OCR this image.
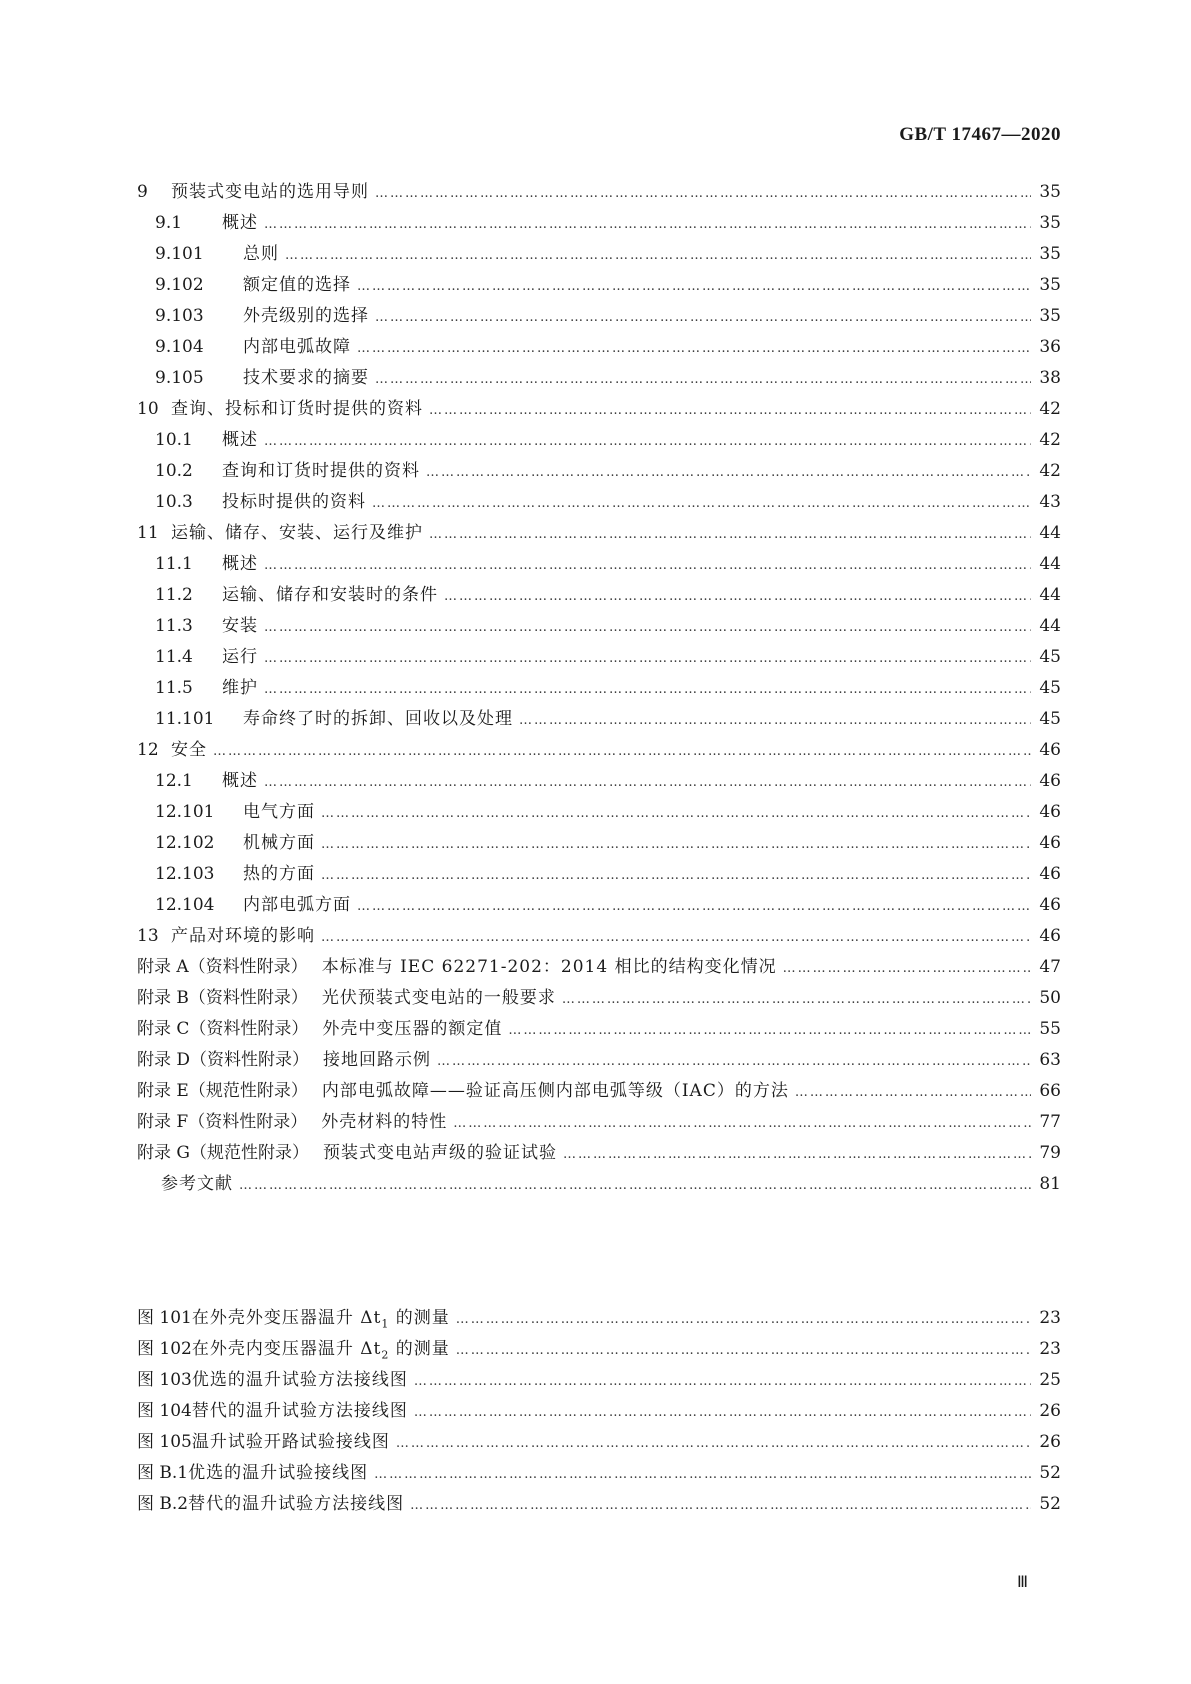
GB/T 17467—2020
9	预装式变电站的选用导则 ……………………………………………………………………………………………………………………………………………………………………………………………………………………………………………………………………	35
9.1	概述 ……………………………………………………………………………………………………………………………………………………………………………………………………………………………………………………………………	35
9.101	总则 ……………………………………………………………………………………………………………………………………………………………………………………………………………………………………………………………………	35
9.102	额定值的选择 ……………………………………………………………………………………………………………………………………………………………………………………………………………………………………………………………………	35
9.103	外壳级别的选择 ……………………………………………………………………………………………………………………………………………………………………………………………………………………………………………………………………	35
9.104	内部电弧故障 ……………………………………………………………………………………………………………………………………………………………………………………………………………………………………………………………………	36
9.105	技术要求的摘要 ……………………………………………………………………………………………………………………………………………………………………………………………………………………………………………………………………	38
10 查询、投标和订货时提供的资料 ……………………………………………………………………………………………………………………………………………………………………………………………………………………………………………………………………	42
10.1	概述 ……………………………………………………………………………………………………………………………………………………………………………………………………………………………………………………………………	42
10.2	查询和订货时提供的资料 ……………………………………………………………………………………………………………………………………………………………………………………………………………………………………………………………………	42
10.3	投标时提供的资料 ……………………………………………………………………………………………………………………………………………………………………………………………………………………………………………………………………	43
11 运输、储存、安装、运行及维护 ……………………………………………………………………………………………………………………………………………………………………………………………………………………………………………………………………	44
11.1	概述 ……………………………………………………………………………………………………………………………………………………………………………………………………………………………………………………………………	44
11.2	运输、储存和安装时的条件 ……………………………………………………………………………………………………………………………………………………………………………………………………………………………………………………………………	44
11.3	安装 ……………………………………………………………………………………………………………………………………………………………………………………………………………………………………………………………………	44
11.4	运行 ……………………………………………………………………………………………………………………………………………………………………………………………………………………………………………………………………	45
11.5	维护 ……………………………………………………………………………………………………………………………………………………………………………………………………………………………………………………………………	45
11.101	寿命终了时的拆卸、回收以及处理 ……………………………………………………………………………………………………………………………………………………………………………………………………………………………………………………………………	45
12 安全 ……………………………………………………………………………………………………………………………………………………………………………………………………………………………………………………………………	46
12.1	概述 ……………………………………………………………………………………………………………………………………………………………………………………………………………………………………………………………………	46
12.101	电气方面 ……………………………………………………………………………………………………………………………………………………………………………………………………………………………………………………………………	46
12.102	机械方面 ……………………………………………………………………………………………………………………………………………………………………………………………………………………………………………………………………	46
12.103	热的方面 ……………………………………………………………………………………………………………………………………………………………………………………………………………………………………………………………………	46
12.104	内部电弧方面 ……………………………………………………………………………………………………………………………………………………………………………………………………………………………………………………………………	46
13 产品对环境的影响 ……………………………………………………………………………………………………………………………………………………………………………………………………………………………………………………………………	46
附录 A（资料性附录） 本标准与 IEC 62271-202：2014 相比的结构变化情况 ……………………………………………………………………………………………………………………………………………………………………………………………………………………………………………………………………	47
附录 B（资料性附录） 光伏预装式变电站的一般要求 ……………………………………………………………………………………………………………………………………………………………………………………………………………………………………………………………………	50
附录 C（资料性附录） 外壳中变压器的额定值 ……………………………………………………………………………………………………………………………………………………………………………………………………………………………………………………………………	55
附录 D（资料性附录） 接地回路示例 ……………………………………………………………………………………………………………………………………………………………………………………………………………………………………………………………………	63
附录 E（规范性附录） 内部电弧故障——验证高压侧内部电弧等级（IAC）的方法 ……………………………………………………………………………………………………………………………………………………………………………………………………………………………………………………………………	66
附录 F（资料性附录） 外壳材料的特性 ……………………………………………………………………………………………………………………………………………………………………………………………………………………………………………………………………	77
附录 G（规范性附录） 预装式变电站声级的验证试验 ……………………………………………………………………………………………………………………………………………………………………………………………………………………………………………………………………	79
参考文献 ……………………………………………………………………………………………………………………………………………………………………………………………………………………………………………………………………	81
图 101 在外壳外变压器温升 $\Delta t_1$ 的测量 ……………………………………………………………………………………………………………………………………………………………………………………………………………………………………………………………………	23
图 102 在外壳内变压器温升 $\Delta t_2$ 的测量 ……………………………………………………………………………………………………………………………………………………………………………………………………………………………………………………………………	23
图 103 优选的温升试验方法接线图 ……………………………………………………………………………………………………………………………………………………………………………………………………………………………………………………………………	25
图 104 替代的温升试验方法接线图 ……………………………………………………………………………………………………………………………………………………………………………………………………………………………………………………………………	26
图 105 温升试验开路试验接线图 ……………………………………………………………………………………………………………………………………………………………………………………………………………………………………………………………………	26
图 B.1 优选的温升试验接线图 ……………………………………………………………………………………………………………………………………………………………………………………………………………………………………………………………………	52
图 B.2 替代的温升试验方法接线图 ……………………………………………………………………………………………………………………………………………………………………………………………………………………………………………………………………	52
Ⅲ
